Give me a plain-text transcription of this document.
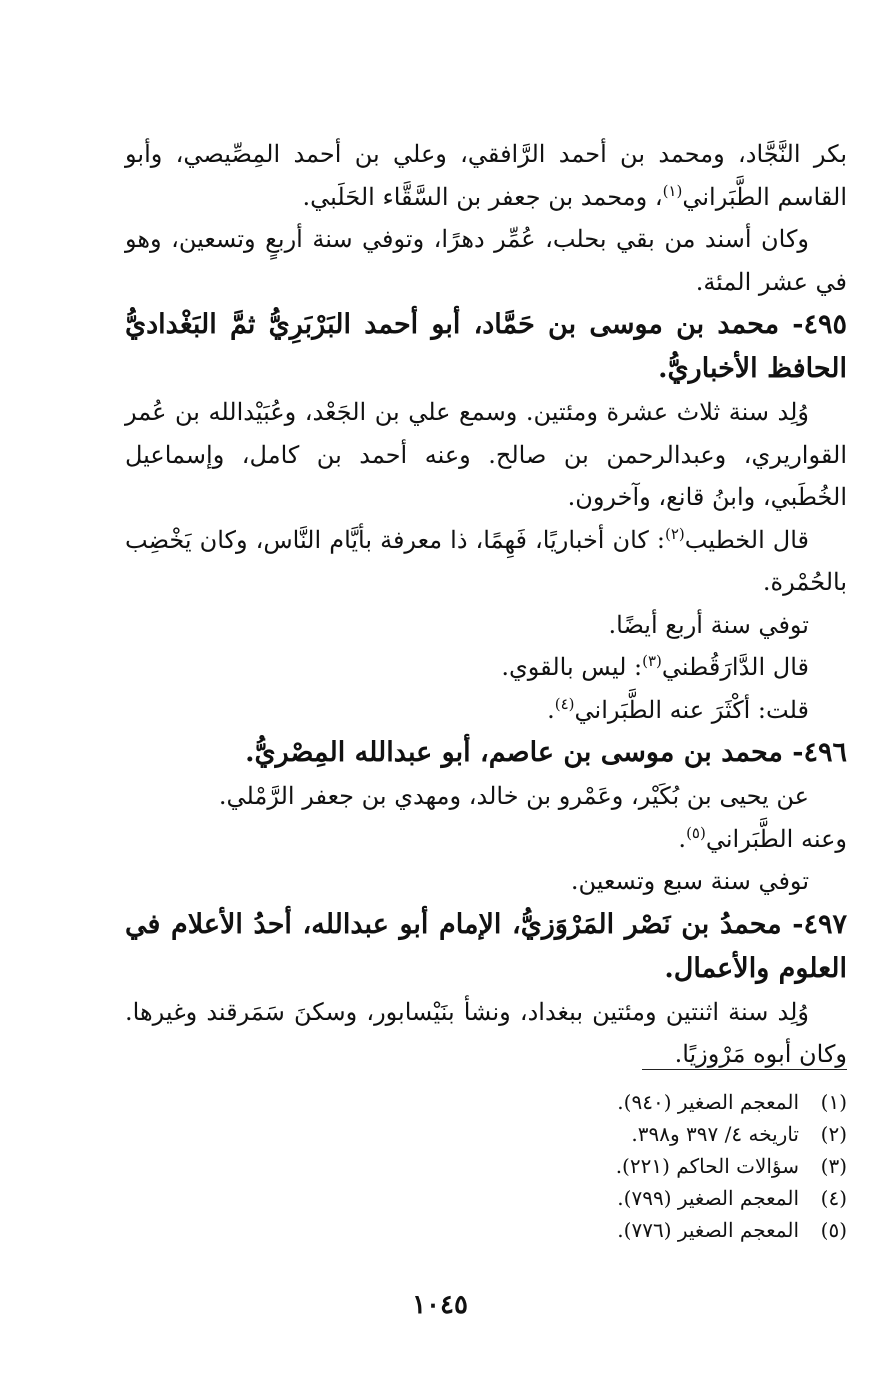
بكر النَّجَّاد، ومحمد بن أحمد الرَّافقي، وعلي بن أحمد المِصِّيصي، وأبو القاسم الطَّبَراني$^{(١)}$، ومحمد بن جعفر بن السَّقَّاء الحَلَبي.

وكان أسند من بقي بحلب، عُمِّر دهرًا، وتوفي سنة أربعٍ وتسعين، وهو في عشر المئة.

٤٩٥- محمد بن موسى بن حَمَّاد، أبو أحمد البَرْبَرِيُّ ثمَّ البَغْداديُّ الحافظ الأخباريُّ.

وُلِد سنة ثلاث عشرة ومئتين. وسمع علي بن الجَعْد، وعُبَيْدالله بن عُمر القواريري، وعبدالرحمن بن صالح. وعنه أحمد بن كامل، وإسماعيل الخُطَبي، وابنُ قانع، وآخرون.

قال الخطيب$^{(٢)}$: كان أخباريًا، فَهِمًا، ذا معرفة بأيَّام النَّاس، وكان يَخْضِب بالحُمْرة.

توفي سنة أربع أيضًا.

قال الدَّارَقُطني$^{(٣)}$: ليس بالقوي.

قلت: أكْثَرَ عنه الطَّبَراني$^{(٤)}$.

٤٩٦- محمد بن موسى بن عاصم، أبو عبدالله المِصْريُّ.

عن يحيى بن بُكَيْر، وعَمْرو بن خالد، ومهدي بن جعفر الرَّمْلي.

وعنه الطَّبَراني$^{(٥)}$.

توفي سنة سبع وتسعين.

٤٩٧- محمدُ بن نَصْر المَرْوَزيُّ، الإمام أبو عبدالله، أحدُ الأعلام في العلوم والأعمال.

وُلِد سنة اثنتين ومئتين ببغداد، ونشأ بنَيْسابور، وسكنَ سَمَرقند وغيرها. وكان أبوه مَرْوزيًا.

(١)المعجم الصغير (٩٤٠).

(٢)تاريخه ٤/ ٣٩٧ و٣٩٨.

(٣)سؤالات الحاكم (٢٢١).

(٤)المعجم الصغير (٧٩٩).

(٥)المعجم الصغير (٧٧٦).

١٠٤٥
